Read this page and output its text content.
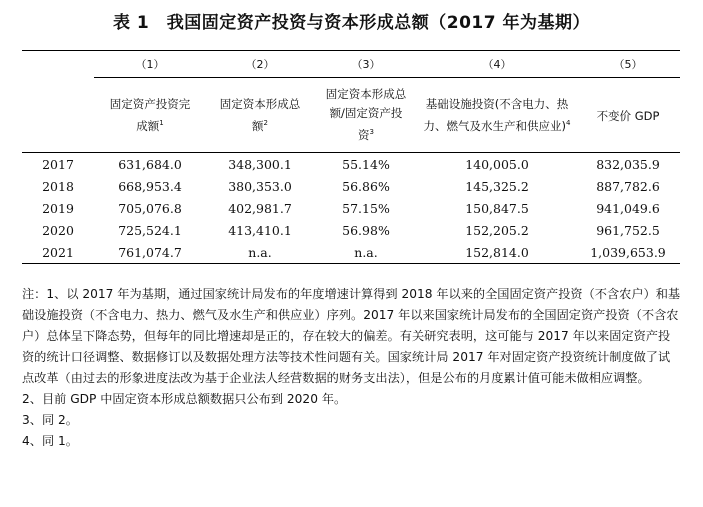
表 1　我国固定资产投资与资本形成总额（2017 年为基期）

	（1）	（2）	（3）	（4）	（5）

	固定资产投资完成额$^1$	固定资本形成总额$^2$	固定资本形成总额/固定资产投资$^3$	基础设施投资(不含电力、热力、燃气及水生产和供应业)$^4$	不变价 GDP

2017	631,684.0	348,300.1	55.14%	140,005.0	832,035.9
2018	668,953.4	380,353.0	56.86%	145,325.2	887,782.6
2019	705,076.8	402,981.7	57.15%	150,847.5	941,049.6
2020	725,524.1	413,410.1	56.98%	152,205.2	961,752.5
2021	761,074.7	n.a.	n.a.	152,814.0	1,039,653.9

注：1、以 2017 年为基期，通过国家统计局发布的年度增速计算得到 2018 年以来的全国固定资产投资（不含农户）和基础设施投资（不含电力、热力、燃气及水生产和供应业）序列。2017 年以来国家统计局发布的全国固定资产投资（不含农户）总体呈下降态势，但每年的同比增速却是正的，存在较大的偏差。有关研究表明，这可能与 2017 年以来固定资产投资的统计口径调整、数据修订以及数据处理方法等技术性问题有关。国家统计局 2017 年对固定资产投资统计制度做了试点改革（由过去的形象进度法改为基于企业法人经营数据的财务支出法），但是公布的月度累计值可能未做相应调整。

2、目前 GDP 中固定资本形成总额数据只公布到 2020 年。

3、同 2。

4、同 1。
